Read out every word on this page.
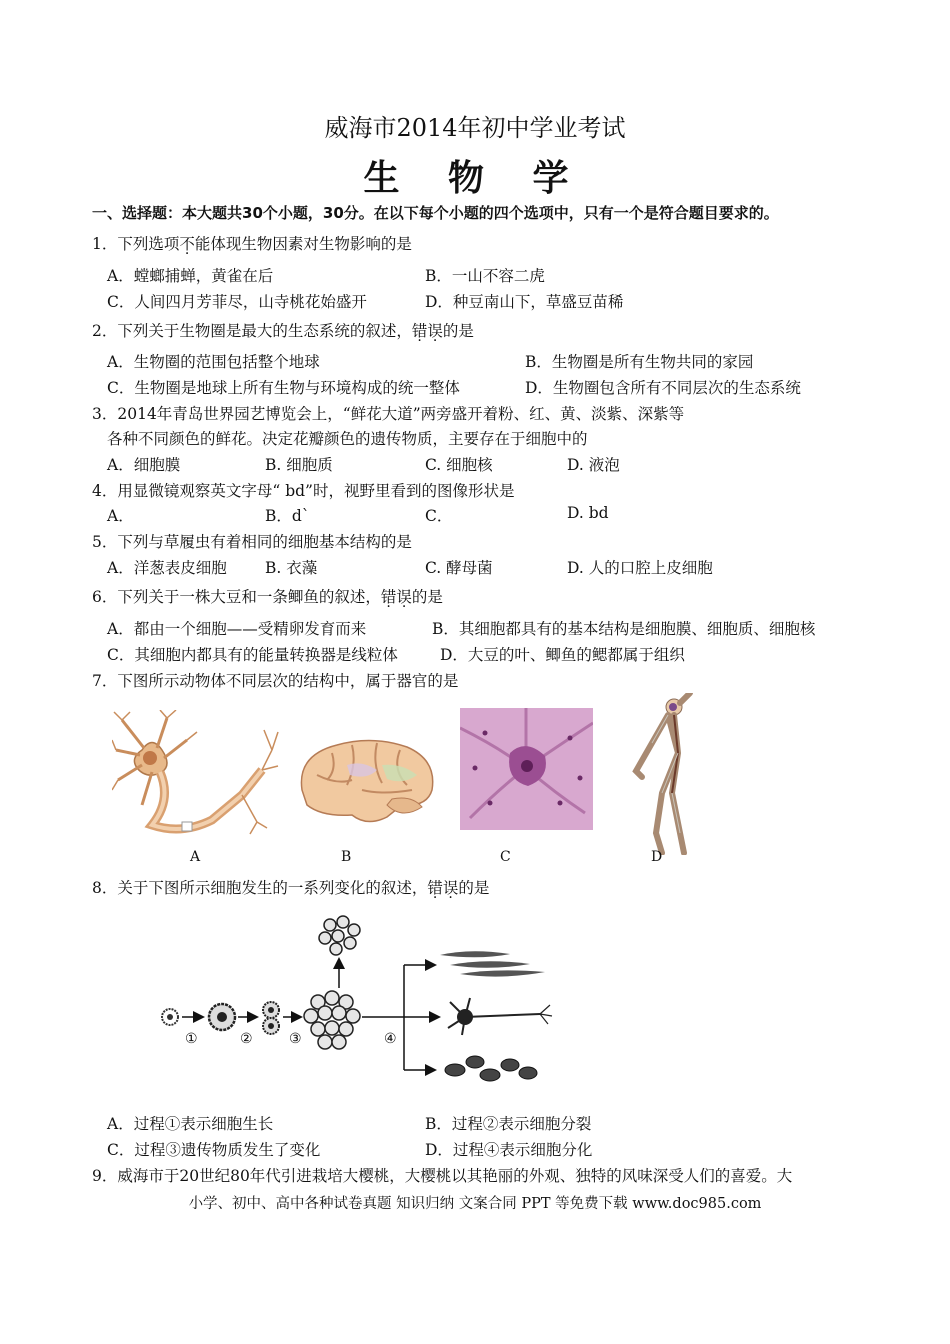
威海市2014年初中学业考试
生 物 学
一、选择题：本大题共30个小题，30分。在以下每个小题的四个选项中，只有一个是符合题目要求的。
1．下列选项不能体现生物因素对生物影响的是
A．螳螂捕蝉，黄雀在后	B．一山不容二虎
C．人间四月芳菲尽，山寺桃花始盛开	D．种豆南山下，草盛豆苗稀
2．下列关于生物圈是最大的生态系统的叙述，错误的是
A．生物圈的范围包括整个地球	B．生物圈是所有生物共同的家园
C．生物圈是地球上所有生物与环境构成的统一整体	D．生物圈包含所有不同层次的生态系统
3．2014年青岛世界园艺博览会上，“鲜花大道”两旁盛开着粉、红、黄、淡紫、深紫等
各种不同颜色的鲜花。决定花瓣颜色的遗传物质，主要存在于细胞中的
A．细胞膜	B. 细胞质	C. 细胞核	D. 液泡
4．用显微镜观察英文字母“ bd”时，视野里看到的图像形状是
A．	B．d`	C．	D. bd
5．下列与草履虫有着相同的细胞基本结构的是
A．洋葱表皮细胞 B. 衣藻	C. 酵母菌	D. 人的口腔上皮细胞
6．下列关于一株大豆和一条鲫鱼的叙述，错误的是
A．都由一个细胞——受精卵发育而来	B．其细胞都具有的基本结构是细胞膜、细胞质、细胞核
C．其细胞内都具有的能量转换器是线粒体	D．大豆的叶、鲫鱼的鳃都属于组织
7．下图所示动物体不同层次的结构中，属于器官的是
A	B	C	D
8．关于下图所示细胞发生的一系列变化的叙述，错误的是
①	②	③	④
A．过程①表示细胞生长	B．过程②表示细胞分裂
C．过程③遗传物质发生了变化	D．过程④表示细胞分化
9．威海市于20世纪80年代引进栽培大樱桃，大樱桃以其艳丽的外观、独特的风味深受人们的喜爱。大
小学、初中、高中各种试卷真题 知识归纳 文案合同 PPT 等免费下载 www.doc985.com
